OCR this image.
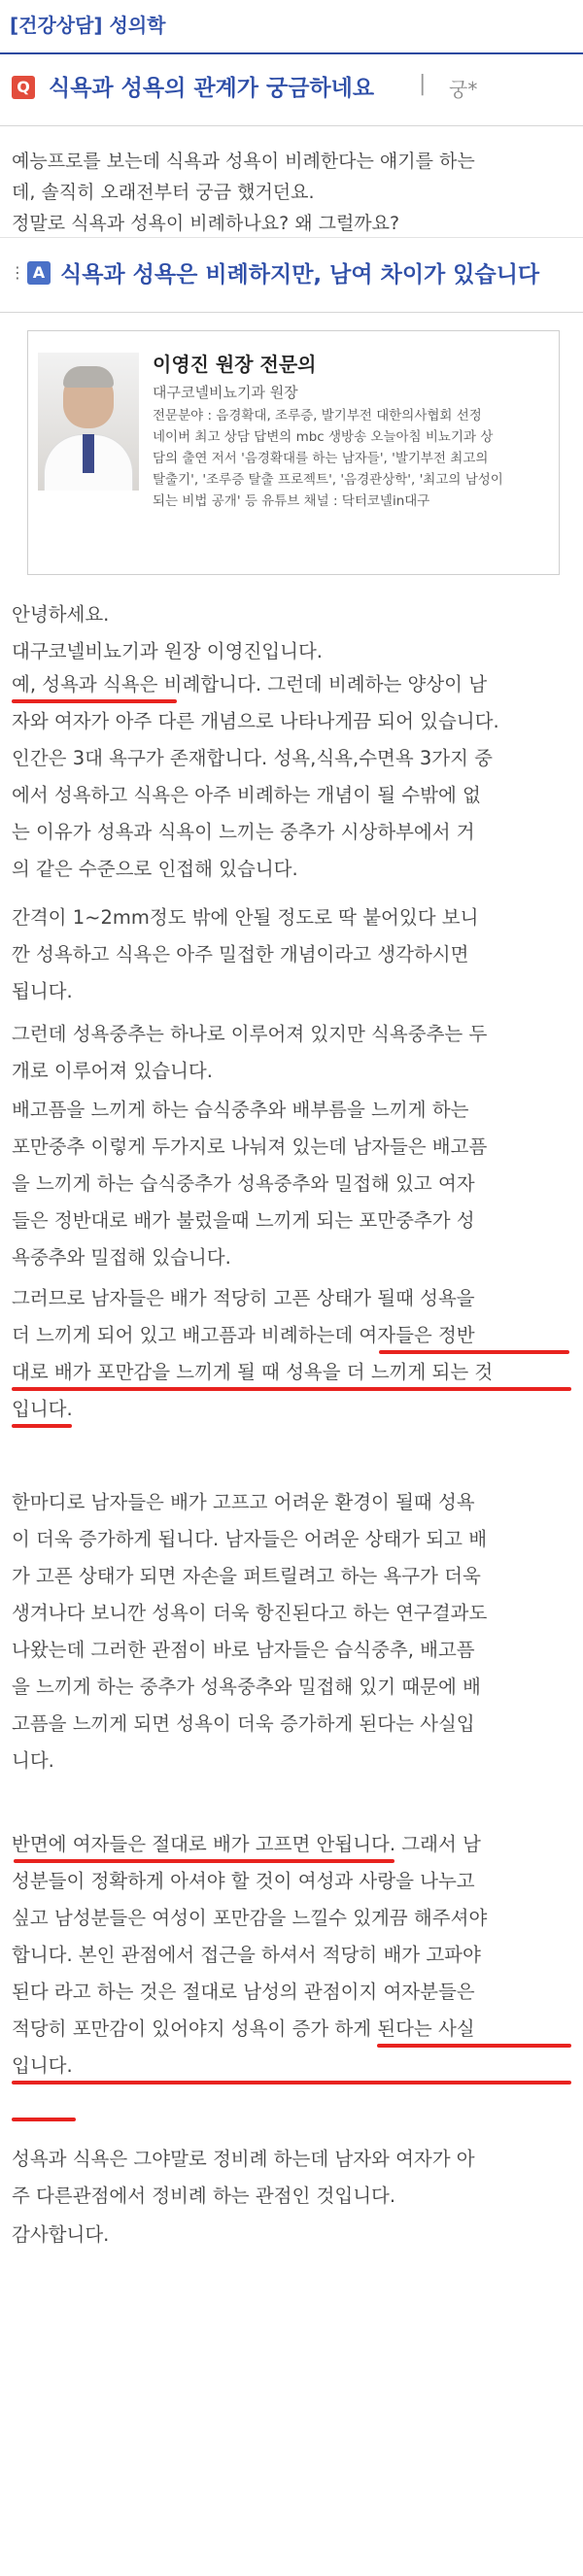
[건강상담] 성의학
Q 식욕과 성욕의 관계가 궁금하네요 | 궁*

예능프로를 보는데 식욕과 성욕이 비례한다는 얘기를 하는

데, 솔직히 오래전부터 궁금 했거던요.

정말로 식욕과 성욕이 비례하나요? 왜 그럴까요?

⋮ A 식욕과 성욕은 비례하지만, 남여 차이가 있습니다
이영진 원장 전문의
대구코넬비뇨기과 원장
전문분야 : 음경확대, 조루증, 발기부전 대한의사협회 선정
네이버 최고 상담 답변의 mbc 생방송 오늘아침 비뇨기과 상
담의 출연 저서 '음경확대를 하는 남자들', '발기부전 최고의
탈출기', '조루증 탈출 프로젝트', '음경관상학', '최고의 남성이
되는 비법 공개' 등 유튜브 채널 : 닥터코넬in대구
안녕하세요.
대구코넬비뇨기과 원장 이영진입니다.
예, 성욕과 식욕은 비례합니다. 그런데 비례하는 양상이 남
자와 여자가 아주 다른 개념으로 나타나게끔 되어 있습니다.
인간은 3대 욕구가 존재합니다. 성욕,식욕,수면욕 3가지 중
에서 성욕하고 식욕은 아주 비례하는 개념이 될 수밖에 없
는 이유가 성욕과 식욕이 느끼는 중추가 시상하부에서 거
의 같은 수준으로 인접해 있습니다.
간격이 1~2mm정도 밖에 안될 정도로 딱 붙어있다 보니
깐 성욕하고 식욕은 아주 밀접한 개념이라고 생각하시면
됩니다.
그런데 성욕중추는 하나로 이루어져 있지만 식욕중추는 두
개로 이루어져 있습니다.
배고픔을 느끼게 하는 습식중추와 배부름을 느끼게 하는
포만중추 이렇게 두가지로 나눠져 있는데 남자들은 배고픔
을 느끼게 하는 습식중추가 성욕중추와 밀접해 있고 여자
들은 정반대로 배가 불렀을때 느끼게 되는 포만중추가 성
욕중추와 밀접해 있습니다.
그러므로 남자들은 배가 적당히 고픈 상태가 될때 성욕을
더 느끼게 되어 있고 배고픔과 비례하는데 여자들은 정반
대로 배가 포만감을 느끼게 될 때 성욕을 더 느끼게 되는 것
입니다.
한마디로 남자들은 배가 고프고 어려운 환경이 될때 성욕
이 더욱 증가하게 됩니다. 남자들은 어려운 상태가 되고 배
가 고픈 상태가 되면 자손을 퍼트릴려고 하는 욕구가 더욱
생겨나다 보니깐 성욕이 더욱 항진된다고 하는 연구결과도
나왔는데 그러한 관점이 바로 남자들은 습식중추, 배고픔
을 느끼게 하는 중추가 성욕중추와 밀접해 있기 때문에 배
고픔을 느끼게 되면 성욕이 더욱 증가하게 된다는 사실입
니다.
반면에 여자들은 절대로 배가 고프면 안됩니다. 그래서 남
성분들이 정확하게 아셔야 할 것이 여성과 사랑을 나누고
싶고 남성분들은 여성이 포만감을 느낄수 있게끔 해주셔야
합니다. 본인 관점에서 접근을 하셔서 적당히 배가 고파야
된다 라고 하는 것은 절대로 남성의 관점이지 여자분들은
적당히 포만감이 있어야지 성욕이 증가 하게 된다는 사실
입니다.
성욕과 식욕은 그야말로 정비례 하는데 남자와 여자가 아
주 다른관점에서 정비례 하는 관점인 것입니다.
감사합니다.
